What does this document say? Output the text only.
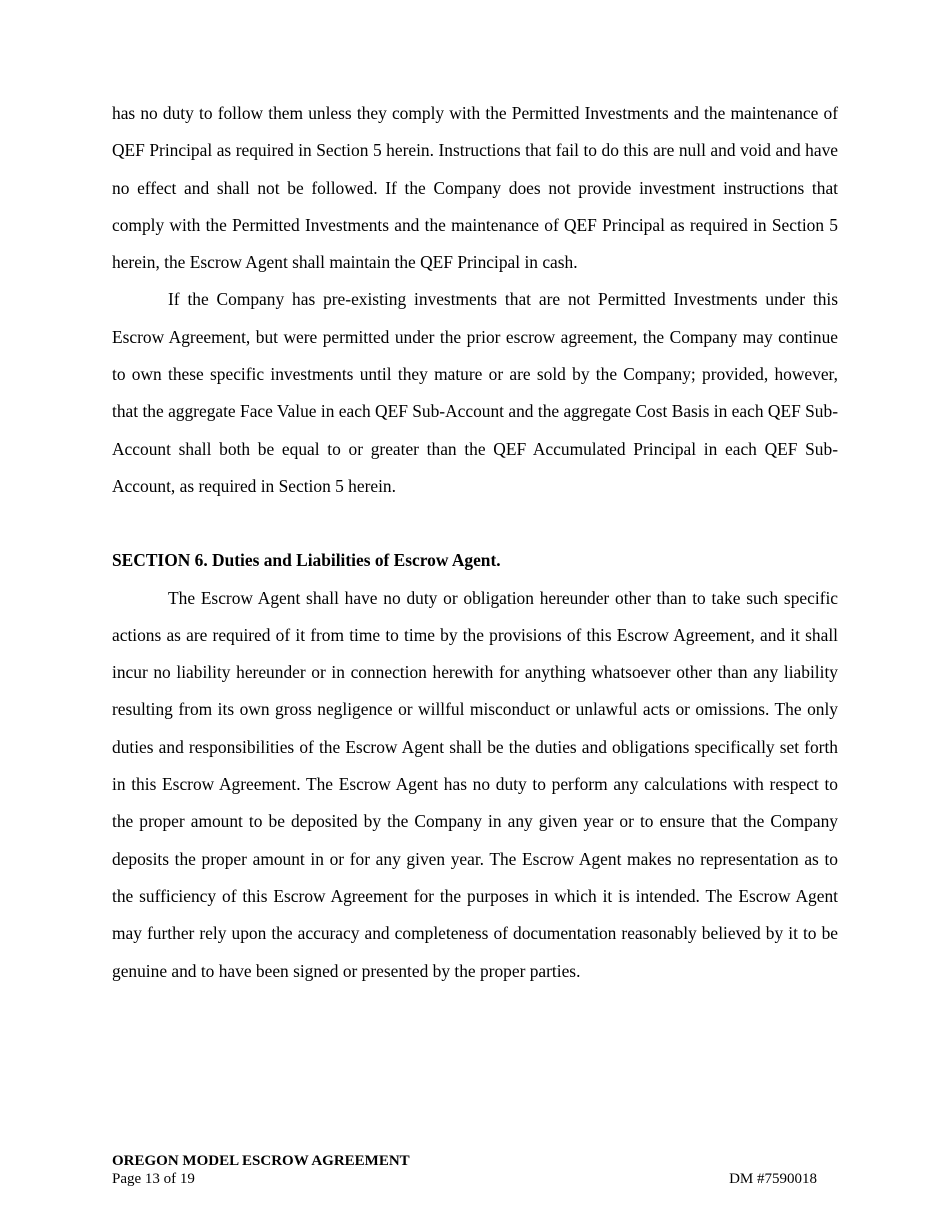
has no duty to follow them unless they comply with the Permitted Investments and the maintenance of QEF Principal as required in Section 5 herein. Instructions that fail to do this are null and void and have no effect and shall not be followed. If the Company does not provide investment instructions that comply with the Permitted Investments and the maintenance of QEF Principal as required in Section 5 herein, the Escrow Agent shall maintain the QEF Principal in cash.

If the Company has pre-existing investments that are not Permitted Investments under this Escrow Agreement, but were permitted under the prior escrow agreement, the Company may continue to own these specific investments until they mature or are sold by the Company; provided, however, that the aggregate Face Value in each QEF Sub-Account and the aggregate Cost Basis in each QEF Sub-Account shall both be equal to or greater than the QEF Accumulated Principal in each QEF Sub-Account, as required in Section 5 herein.

SECTION 6. Duties and Liabilities of Escrow Agent.

The Escrow Agent shall have no duty or obligation hereunder other than to take such specific actions as are required of it from time to time by the provisions of this Escrow Agreement, and it shall incur no liability hereunder or in connection herewith for anything whatsoever other than any liability resulting from its own gross negligence or willful misconduct or unlawful acts or omissions. The only duties and responsibilities of the Escrow Agent shall be the duties and obligations specifically set forth in this Escrow Agreement. The Escrow Agent has no duty to perform any calculations with respect to the proper amount to be deposited by the Company in any given year or to ensure that the Company deposits the proper amount in or for any given year. The Escrow Agent makes no representation as to the sufficiency of this Escrow Agreement for the purposes in which it is intended. The Escrow Agent may further rely upon the accuracy and completeness of documentation reasonably believed by it to be genuine and to have been signed or presented by the proper parties.

OREGON MODEL ESCROW AGREEMENT
Page 13 of 19	DM #7590018
